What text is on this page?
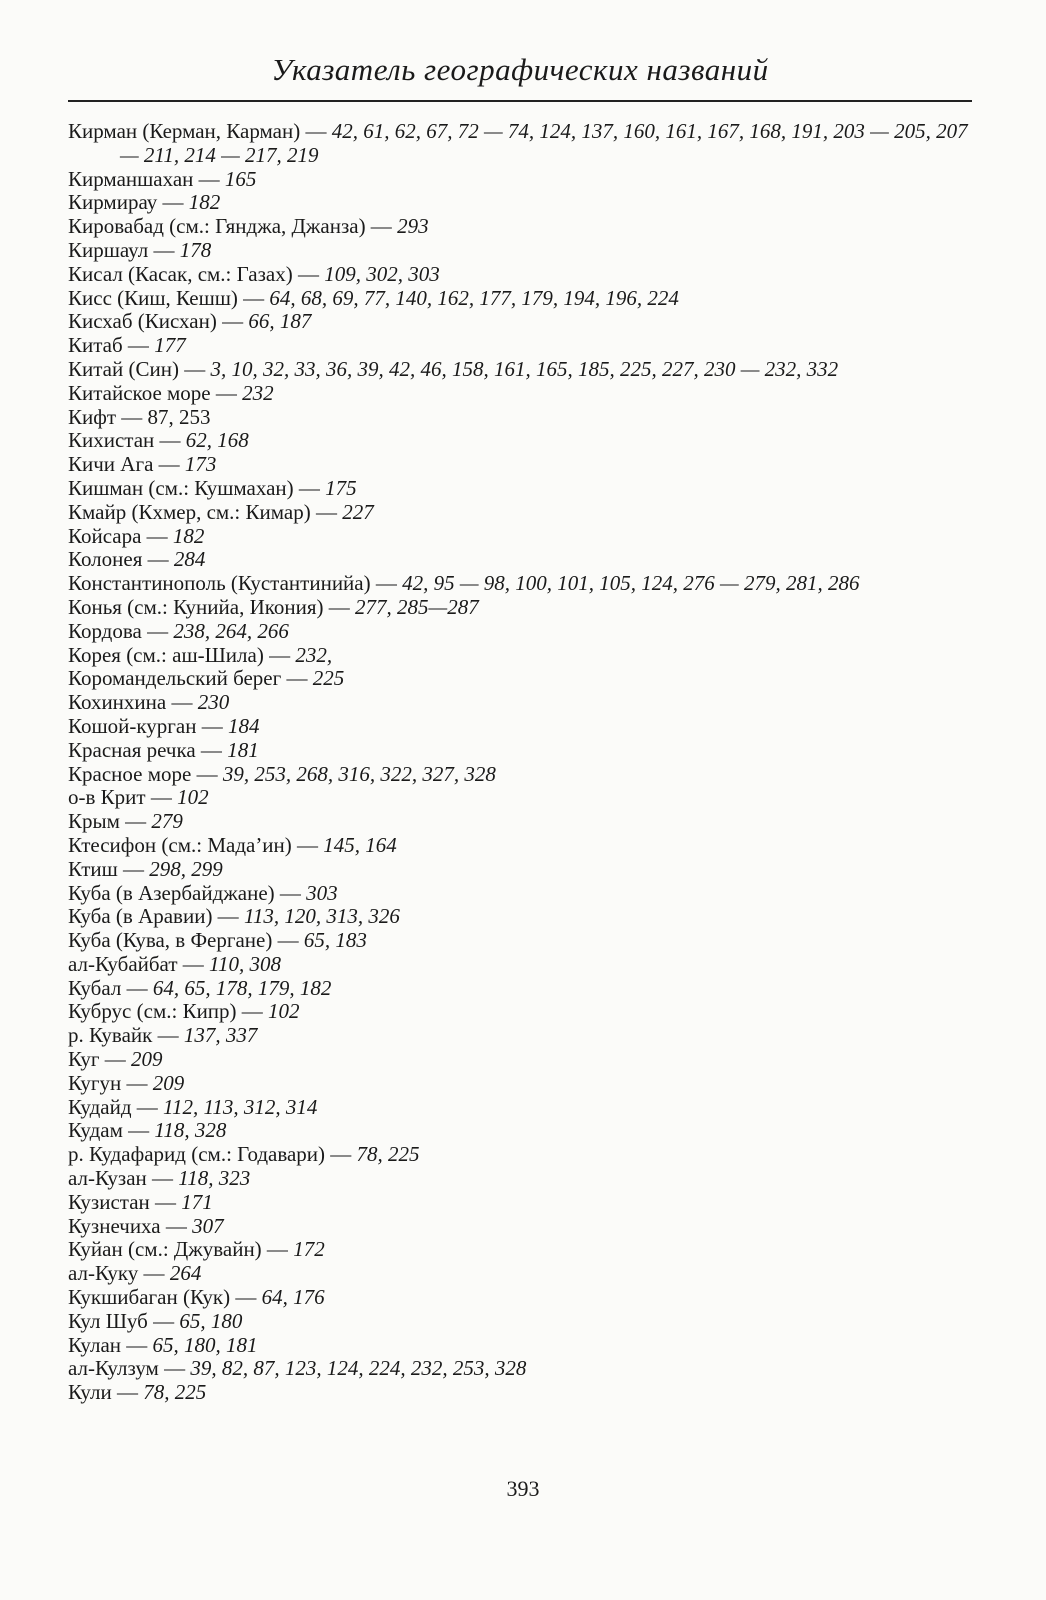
Указатель географических названий
Кирман (Керман, Карман) — 42, 61, 62, 67, 72 — 74, 124, 137, 160, 161, 167, 168, 191, 203 — 205, 207 — 211, 214 — 217, 219
Кирманшахан — 165
Кирмирау — 182
Кировабад (см.: Гянджа, Джанза) — 293
Киршаул — 178
Кисал (Касак, см.: Газах) — 109, 302, 303
Кисс (Киш, Кешш) — 64, 68, 69, 77, 140, 162, 177, 179, 194, 196, 224
Кисхаб (Кисхан) — 66, 187
Китаб — 177
Китай (Син) — 3, 10, 32, 33, 36, 39, 42, 46, 158, 161, 165, 185, 225, 227, 230 — 232, 332
Китайское море — 232
Кифт — 87, 253
Кихистан — 62, 168
Кичи Ага — 173
Кишман (см.: Кушмахан) — 175
Кмайр (Кхмер, см.: Кимар) — 227
Койсара — 182
Колонея — 284
Константинополь (Кустантинийа) — 42, 95 — 98, 100, 101, 105, 124, 276 — 279, 281, 286
Конья (см.: Кунийа, Икония) — 277, 285—287
Кордова — 238, 264, 266
Корея (см.: аш-Шила) — 232,
Коромандельский берег — 225
Кохинхина — 230
Кошой-курган — 184
Красная речка — 181
Красное море — 39, 253, 268, 316, 322, 327, 328
о-в Крит — 102
Крым — 279
Ктесифон (см.: Мада’ин) — 145, 164
Ктиш — 298, 299
Куба (в Азербайджане) — 303
Куба (в Аравии) — 113, 120, 313, 326
Куба (Кува, в Фергане) — 65, 183
ал-Кубайбат — 110, 308
Кубал — 64, 65, 178, 179, 182
Кубрус (см.: Кипр) — 102
р. Кувайк — 137, 337
Куг — 209
Кугун — 209
Кудайд — 112, 113, 312, 314
Кудам — 118, 328
р. Кудафарид (см.: Годавари) — 78, 225
ал-Кузан — 118, 323
Кузистан — 171
Кузнечиха — 307
Куйан (см.: Джувайн) — 172
ал-Куку — 264
Кукшибаган (Кук) — 64, 176
Кул Шуб — 65, 180
Кулан — 65, 180, 181
ал-Кулзум — 39, 82, 87, 123, 124, 224, 232, 253, 328
Кули — 78, 225
393
